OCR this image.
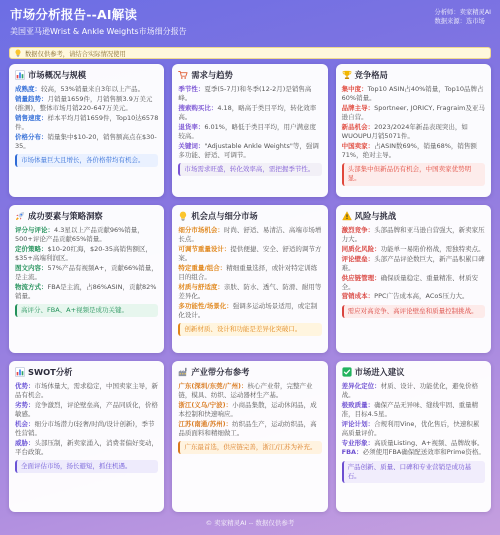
市场分析报告--AI解读
美国亚马逊Wrist & Ankle Weights市场细分报告
分析师：卖家精灵AI
数据来源：选市场
数据仅供参考，请结合实际情况使用
市场概况与规模
成熟度：较高，53%销量来自3年以上产品。
销量趋势：月销量1659件，月销售额3.9万美元(推测)，整体市场月销220-647万美元。
销售速度：样本平均月销1659件，Top10达6578件。
价格分布：销量集中$10-20，销售额高点在$30-35。
市场体量巨大且增长，各价格带均有机会。
需求与趋势
季节性：夏季(5-7月)和冬季(12-2月)是销售高峰。
搜索购买比：4.18，略高于类目平均，转化效率高。
退货率：6.01%，略低于类目平均，用户满意度较高。
关键词："Adjustable Ankle Weights"等，强调多功能、舒适、可调节。
市场需求旺盛，转化效率高，需把握季节性。
竞争格局
集中度：Top10 ASIN占40%销量，Top10品牌占60%销量。
品牌主导：Sportneer, JORICY, Fragraim及亚马逊自营。
新品机会：2023/2024年新品表现突出，如WUOUPU月销5071件。
中国卖家：占ASIN数69%，销量68%，销售额71%，绝对主导。
头部集中但新品仍有机会，中国卖家优势明显。
成功要素与策略洞察
评分与评论：4.3星以上产品贡献96%销量，500+评论产品贡献65%销量。
定价策略：$10-20红海，$20-35高销售额区，$35+高端利润区。
图文内容：57%产品有视频A+，贡献66%销量，是主流。
物流方式：FBA是主流，占86%ASIN，贡献82%销量。
高评分、FBA、A+视频是成功关键。
机会点与细分市场
细分市场机会：时尚、舒适、易清洁、高端市场增长点。
可调节重量设计：提供便捷、安全、舒适的调节方案。
特定重量/组合：精细重量选择，或针对特定训练目的组合。
材质与舒适度：亲肤、防水、透气、防滑、耐用等差异化。
多功能性/场景化：强调多运动场景适用，或定制化设计。
创新材质、设计和功能是差异化突破口。
风险与挑战
激烈竞争：头部品牌和亚马逊自营强大，新卖家压力大。
同质化风险：功能单一易陷价格战，需独特卖点。
评论壁垒：头部产品评论数巨大，新产品积累口碑难。
供应链管理：确保质量稳定、重量精准、材质安全。
营销成本：PPC广告成本高，ACoS压力大。
需应对高竞争、高评论壁垒和质量控制挑战。
SWOT分析
优势：市场体量大，需求稳定，中国卖家主导，新品有机会。
劣势：竞争激烈，评论壁垒高，产品同质化，价格敏感。
机会：细分市场潜力(轻奢/时尚/设计创新)，季节性营销。
威胁：头部压制，新卖家涌入，消费者偏好变动，平台政策。
全面评估市场，扬长避短，抓住机遇。
产业带分布参考
广东(深圳/东莞/广州)：核心产业带，完整产业链，模具、纺织、运动器材生产基。
浙江(义乌/宁波)：小商品集散，运动休闲品，成本控制和快速响应。
江苏(南通/苏州)：纺织品生产，运动纺织品，高品质面料和精细做工。
广东最首选，供应链完善，浙江/江苏为补充。
市场进入建议
差异化定位：材质、设计、功能优化，避免价格战。
极致质量：确保产品无异味、缝线牢固、重量精准，目标4.5星。
评论计划：合规利用Vine，优化售后，快速积累高质量评价。
专业形象：高质量Listing、A+视频、品牌故事。
FBA：必须使用FBA确保配送效率和Prime资格。
产品创新、质量、口碑和专业营销是成功基石。
© 卖家精灵AI -- 数据仅供参考
